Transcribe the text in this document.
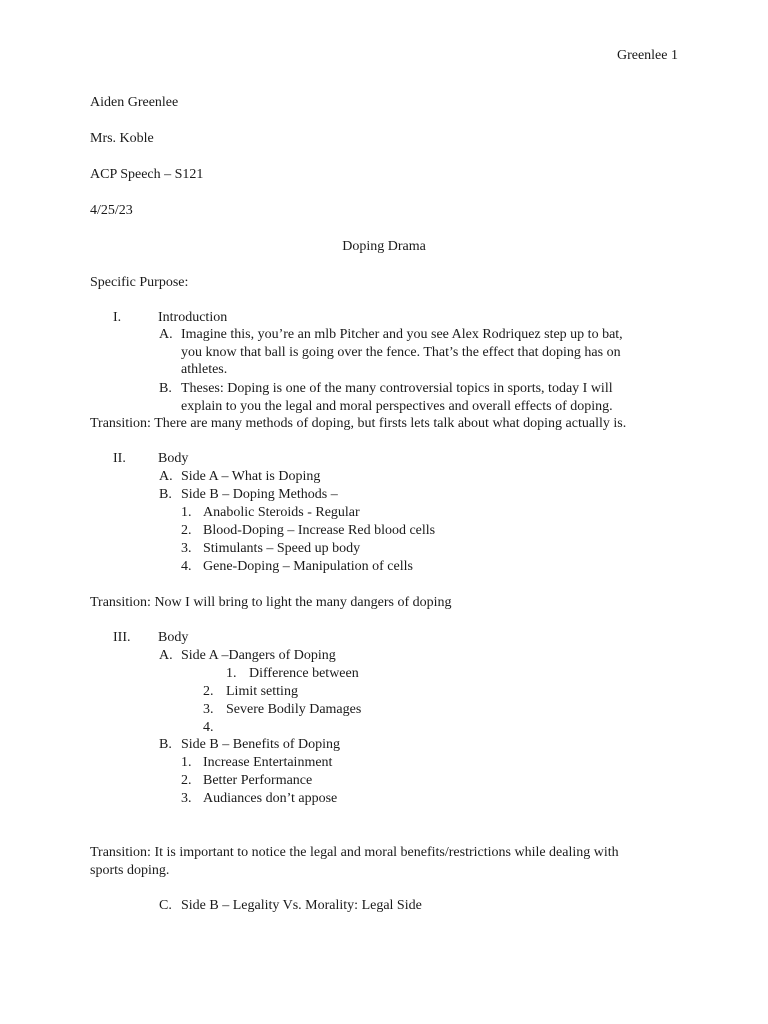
Greenlee 1
Aiden Greenlee
Mrs. Koble
ACP Speech – S121
4/25/23
Doping Drama
Specific Purpose:
I.	Introduction
A. Imagine this, you’re an mlb Pitcher and you see Alex Rodriquez step up to bat,
you know that ball is going over the fence. That’s the effect that doping has on
athletes.
B. Theses: Doping is one of the many controversial topics in sports, today I will
explain to you the legal and moral perspectives and overall effects of doping.
Transition: There are many methods of doping, but firsts lets talk about what doping actually is.
II. Body
A. Side A – What is Doping
B. Side B – Doping Methods –
1. Anabolic Steroids - Regular
2. Blood-Doping – Increase Red blood cells
3. Stimulants – Speed up body
4. Gene-Doping – Manipulation of cells
Transition: Now I will bring to light the many dangers of doping
III. Body
A. Side A –Dangers of Doping
1. Difference between
2. Limit setting
3. Severe Bodily Damages
4.
B. Side B – Benefits of Doping
1. Increase Entertainment
2. Better Performance
3. Audiances don’t appose
Transition: It is important to notice the legal and moral benefits/restrictions while dealing with
sports doping.
C. Side B – Legality Vs. Morality: Legal Side
